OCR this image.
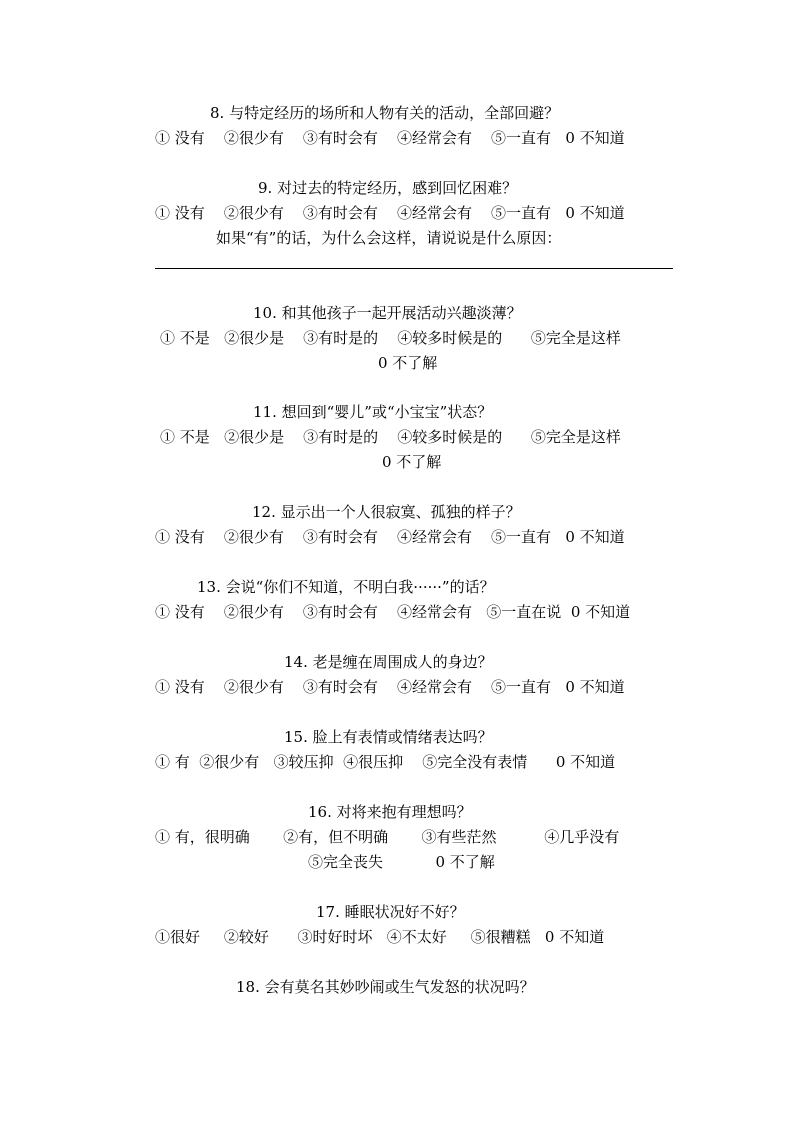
8. 与特定经历的场所和人物有关的活动，全部回避？
① 没有    ②很少有    ③有时会有    ④经常会有    ⑤一直有   0 不知道
9. 对过去的特定经历，感到回忆困难？
① 没有    ②很少有    ③有时会有    ④经常会有    ⑤一直有   0 不知道
如果“有”的话，为什么会这样，请说说是什么原因：
10. 和其他孩子一起开展活动兴趣淡薄？
① 不是   ②很少是    ③有时是的    ④较多时候是的      ⑤完全是这样
0 不了解
11. 想回到“婴儿”或“小宝宝”状态？
① 不是   ②很少是    ③有时是的    ④较多时候是的      ⑤完全是这样
0 不了解
12. 显示出一个人很寂寞、孤独的样子？
① 没有    ②很少有    ③有时会有    ④经常会有    ⑤一直有   0 不知道
13. 会说“你们不知道，不明白我······”的话？
① 没有    ②很少有    ③有时会有    ④经常会有   ⑤一直在说  0 不知道
14. 老是缠在周围成人的身边？
① 没有    ②很少有    ③有时会有    ④经常会有    ⑤一直有   0 不知道
15. 脸上有表情或情绪表达吗？
① 有  ②很少有   ③较压抑  ④很压抑    ⑤完全没有表情      0 不知道
16. 对将来抱有理想吗？
① 有，很明确       ②有，但不明确       ③有些茫然          ④几乎没有
⑤完全丧失           0 不了解
17. 睡眠状况好不好？
①很好     ②较好      ③时好时坏   ④不太好     ⑤很糟糕   0 不知道
18. 会有莫名其妙吵闹或生气发怒的状况吗？
